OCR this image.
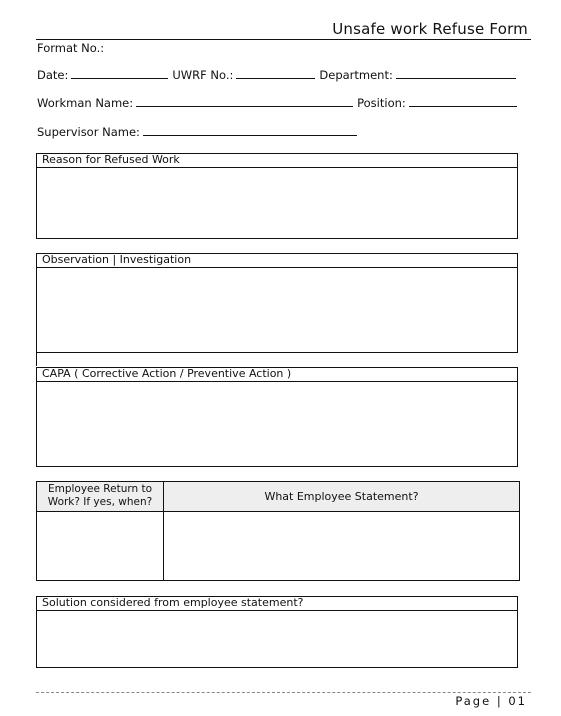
Unsafe work Refuse Form
Format No.:
Date:	UWRF No.:	Department:
Workman Name:	Position:
Supervisor Name:
Reason for Refused Work
Observation | Investigation
CAPA ( Corrective Action / Preventive Action )
Employee Return to Work? If yes, when?	What Employee Statement?
Solution considered from employee statement?
Page | 01
